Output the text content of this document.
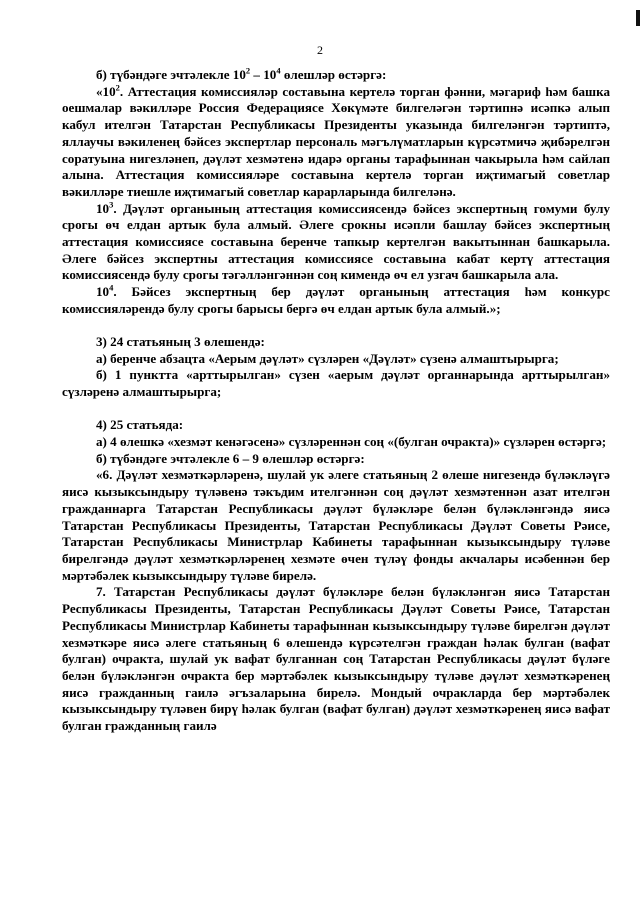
2

б) түбәндәге эчтәлекле $10^2 - 10^4$ өлешләр өстәргә:

«$10^2$. Аттестация комиссияләр составына кертелә торган фәнни, мәгариф һәм башка оешмалар вәкилләре Россия Федерациясе Хөкүмәте билгеләгән тәртипнә исәпкә алып кабул ителгән Татарстан Республикасы Президенты указында билгеләнгән тәртиптә, яллаучы вәкиленең бәйсез экспертлар персональ мәгълүматларын күрсәтмичә җибәрелгән соратуына нигезләнеп, дәүләт хезмәтенә идарә органы тарафыннан чакырыла һәм сайлап алына. Аттестация комиссияләре составына кертелә торган иҗтимагый советлар вәкилләре тиешле иҗтимагый советлар карарларында билгеләнә.

$10^3$. Дәүләт органының аттестация комиссиясендә бәйсез экспертның гомуми булу срогы өч елдан артык була алмый. Әлеге срокны исәпли башлау бәйсез экспертның аттестация комиссиясе составына беренче тапкыр кертелгән вакытыннан башкарыла. Әлеге бәйсез экспертны аттестация комиссиясе составына кабат кертү аттестация комиссиясендә булу срогы тәгәлләнгәннән соң кимендә өч ел узгач башкарыла ала.

$10^4$. Бәйсез экспертның бер дәүләт органының аттестация һәм конкурс комиссияләрендә булу срогы барысы бергә өч елдан артык була алмый.»;

3) 24 статьяның 3 өлешендә:

а) беренче абзацта «Аерым дәүләт» сүзләрен «Дәүләт» сүзенә алмаштырырга;

б) 1 пунктта «арттырылган» сүзен «аерым дәүләт органнарында арттырылган» сүзләренә алмаштырырга;

4) 25 статьяда:

а) 4 өлешкә «хезмәт кенәгәсенә» сүзләреннән соң «(булган очракта)» сүзләрен өстәргә;

б) түбәндәге эчтәлекле 6 – 9 өлешләр өстәргә:

«6. Дәүләт хезмәткәрләренә, шулай ук әлеге статьяның 2 өлеше нигезендә бүләкләүгә яисә кызыксындыру түләвенә тәкъдим ителгәннән соң дәүләт хезмәтеннән азат ителгән гражданнарга Татарстан Республикасы дәүләт бүләкләре белән бүләкләнгәндә яисә Татарстан Республикасы Президенты, Татарстан Республикасы Дәүләт Советы Рәисе, Татарстан Республикасы Министрлар Кабинеты тарафыннан кызыксындыру түләве бирелгәндә дәүләт хезмәткәрләренең хезмәте өчен түләү фонды акчалары исәбеннән бер мәртәбәлек кызыксындыру түләве бирелә.

7. Татарстан Республикасы дәүләт бүләкләре белән бүләкләнгән яисә Татарстан Республикасы Президенты, Татарстан Республикасы Дәүләт Советы Рәисе, Татарстан Республикасы Министрлар Кабинеты тарафыннан кызыксындыру түләве бирелгән дәүләт хезмәткәре яисә әлеге статьяның 6 өлешендә күрсәтелгән граждан һәлак булган (вафат булган) очракта, шулай ук вафат булганнан соң Татарстан Республикасы дәүләт бүләге белән бүләкләнгән очракта бер мәртәбәлек кызыксындыру түләве дәүләт хезмәткәренең яисә гражданның гаилә әгъзаларына бирелә. Мондый очракларда бер мәртәбәлек кызыксындыру түләвен бирү һәлак булган (вафат булган) дәүләт хезмәткәренең яисә вафат булган гражданның гаилә
